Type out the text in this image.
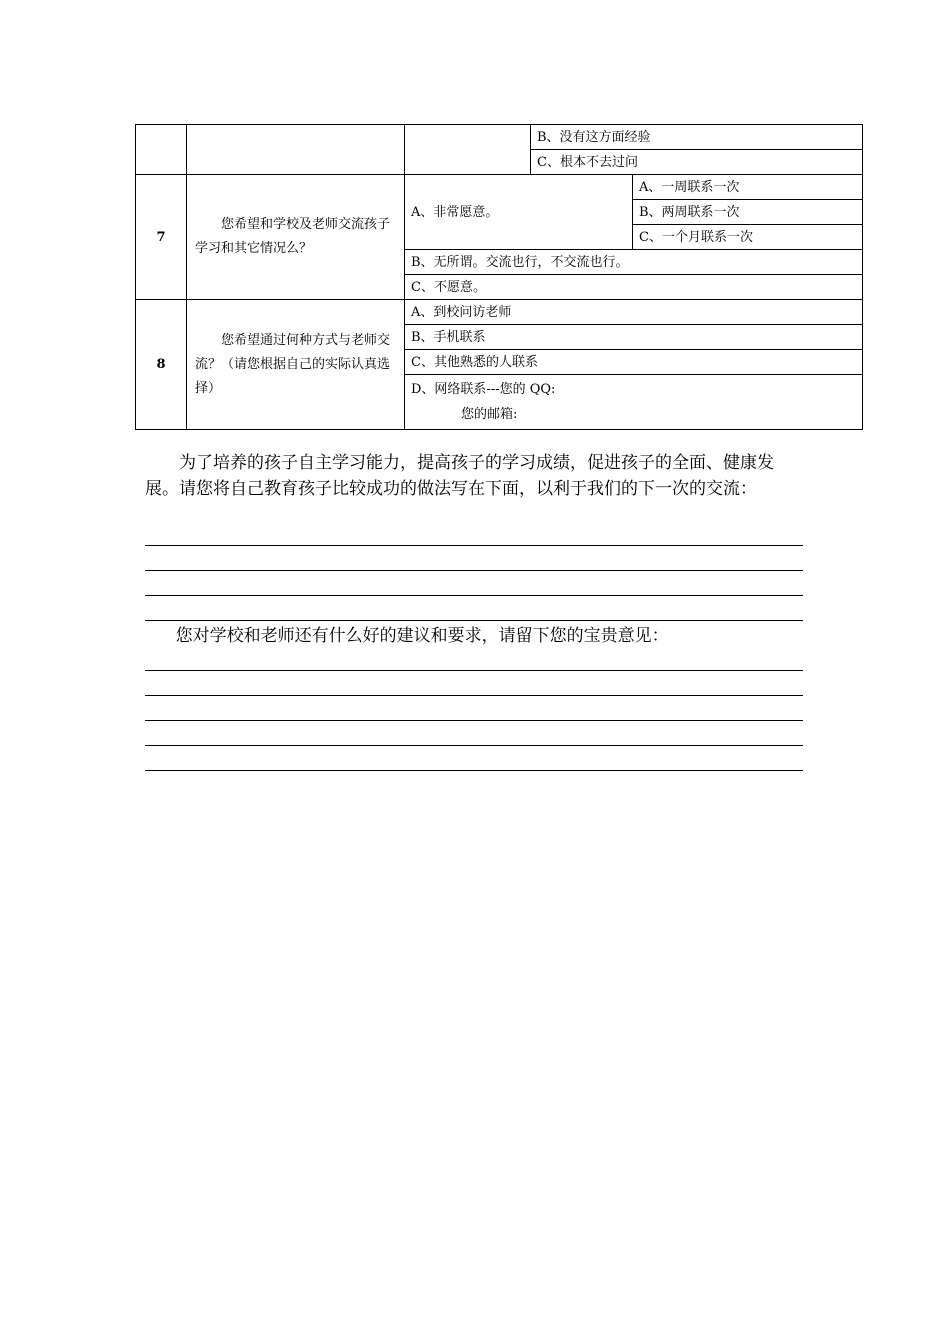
			B、没有这方面经验	
			C、根本不去过问	
7	您希望和学校及老师交流孩子学习和其它情况么？	A、非常愿意。		A、一周联系一次
				B、两周联系一次
				C、一个月联系一次
		B、无所谓。交流也行，不交流也行。		
		C、不愿意。		
8	您希望通过何种方式与老师交流？（请您根据自己的实际认真选择）	A、到校问访老师		
		B、手机联系		
		C、其他熟悉的人联系		
		D、网络联系---您的 QQ:
您的邮箱:		

为了培养的孩子自主学习能力，提高孩子的学习成绩，促进孩子的全面、健康发展。请您将自己教育孩子比较成功的做法写在下面，以利于我们的下一次的交流：

您对学校和老师还有什么好的建议和要求，请留下您的宝贵意见：
